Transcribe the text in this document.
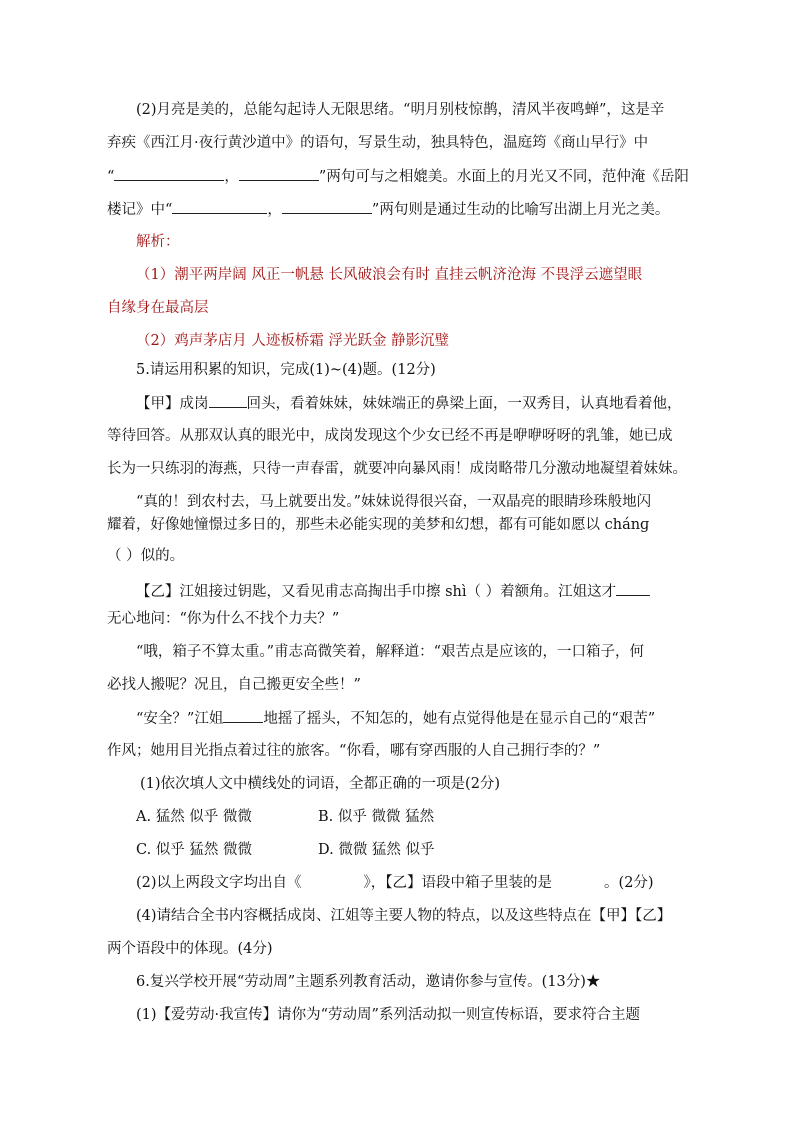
(2)月亮是美的，总能勾起诗人无限思绪。“明月别枝惊鹊，清风半夜鸣蝉”，这是辛
弃疾《西江月·夜行黄沙道中》的语句，写景生动，独具特色，温庭筠《商山早行》中
“	，	”两句可与之相媲美。水面上的月光又不同，范仲淹《岳阳
楼记》中“	，	”两句则是通过生动的比喻写出湖上月光之美。
解析：
（1）潮平两岸阔 风正一帆悬 长风破浪会有时 直挂云帆济沧海 不畏浮云遮望眼
自缘身在最高层
（2）鸡声茅店月 人迹板桥霜 浮光跃金 静影沉璧
5.请运用积累的知识，完成(1)~(4)题。(12分)
【甲】成岗	回头，看着妹妹，妹妹端正的鼻梁上面，一双秀目，认真地看着他，
等待回答。从那双认真的眼光中，成岗发现这个少女已经不再是咿咿呀呀的乳雏，她已成
长为一只练羽的海燕，只待一声春雷，就要冲向暴风雨！成岗略带几分激动地凝望着妹妹。
“真的！到农村去，马上就要出发。”妹妹说得很兴奋，一双晶亮的眼睛珍珠般地闪
耀着，好像她憧憬过多日的，那些未必能实现的美梦和幻想，都有可能如愿以 chánɡ
（ ）似的。
【乙】江姐接过钥匙，又看见甫志高掏出手巾擦 shì（ ）着额角。江姐这才
无心地问：“你为什么不找个力夫？”
“哦，箱子不算太重。”甫志高微笑着，解释道：“艰苦点是应该的，一口箱子，何
必找人搬呢？况且，自己搬更安全些！”
“安全？”江姐	地摇了摇头，不知怎的，她有点觉得他是在显示自己的“艰苦”
作风；她用目光指点着过往的旅客。“你看，哪有穿西服的人自己拥行李的？”
(1)依次填人文中横线处的词语，全都正确的一项是(2分)
A. 猛然 似乎 微微	B. 似乎 微微 猛然
C. 似乎 猛然 微微	D. 微微 猛然 似乎
(2)以上两段文字均出自《	》，【乙】语段中箱子里装的是	。(2分)
(4)请结合全书内容概括成岗、江姐等主要人物的特点，以及这些特点在【甲】【乙】
两个语段中的体现。(4分)
6.复兴学校开展“劳动周”主题系列教育活动，邀请你参与宣传。(13分)★
(1)【爱劳动·我宣传】请你为“劳动周”系列活动拟一则宣传标语，要求符合主题
